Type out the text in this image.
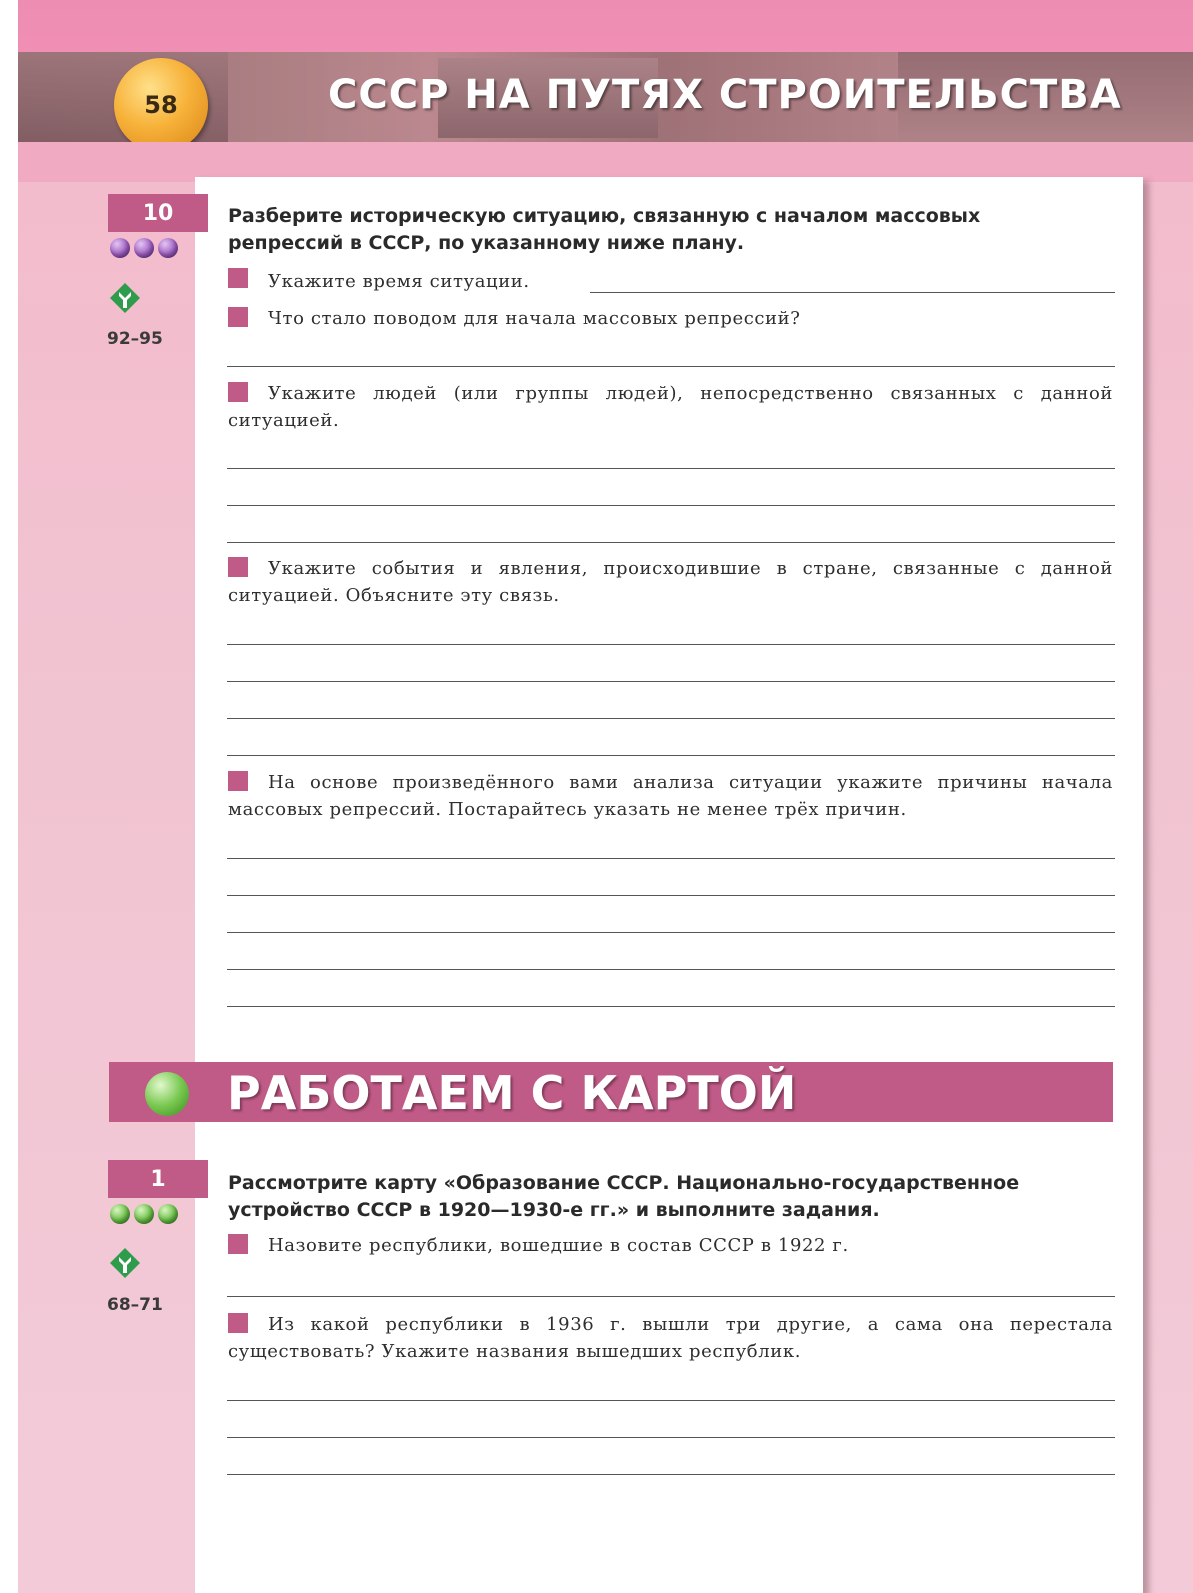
СССР НА ПУТЯХ СТРОИТЕЛЬСТВА
58
10
92–95
Разберите историческую ситуацию, связанную с началом массовых репрессий в СССР, по указанному ниже плану.
Укажите время ситуации.
Что стало поводом для начала массовых репрессий?
Укажите людей (или группы людей), непосредственно связанных с данной ситуацией.
Укажите события и явления, происходившие в стране, связанные с данной ситуацией. Объясните эту связь.
На основе произведённого вами анализа ситуации укажите причины начала массовых репрессий. Постарайтесь указать не менее трёх причин.
РАБОТАЕМ С КАРТОЙ
1
68–71
Рассмотрите карту «Образование СССР. Национально-государственное устройство СССР в 1920—1930-е гг.» и выполните задания.
Назовите республики, вошедшие в состав СССР в 1922 г.
Из какой республики в 1936 г. вышли три другие, а сама она перестала существовать? Укажите названия вышедших республик.
